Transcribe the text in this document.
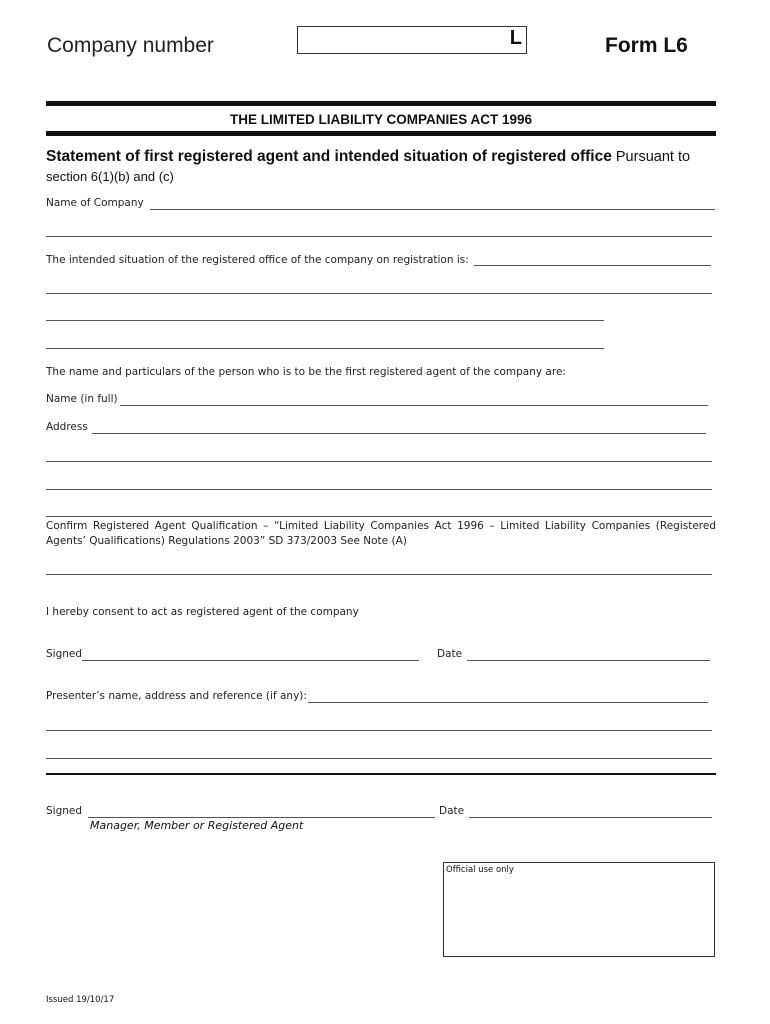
Company number	L	Form L6
THE LIMITED LIABILITY COMPANIES ACT 1996
Statement of first registered agent and intended situation of registered office Pursuant to
section 6(1)(b) and (c)
Name of Company
The intended situation of the registered office of the company on registration is:
The name and particulars of the person who is to be the first registered agent of the company are:
Name (in full)
Address
Confirm Registered Agent Qualification – “Limited Liability Companies Act 1996 – Limited Liability Companies (Registered Agents’ Qualifications) Regulations 2003” SD 373/2003 See Note (A)
I hereby consent to act as registered agent of the company
Signed	Date
Presenter’s name, address and reference (if any):
Signed	Date
Manager, Member or Registered Agent
Official use only
Issued 19/10/17
